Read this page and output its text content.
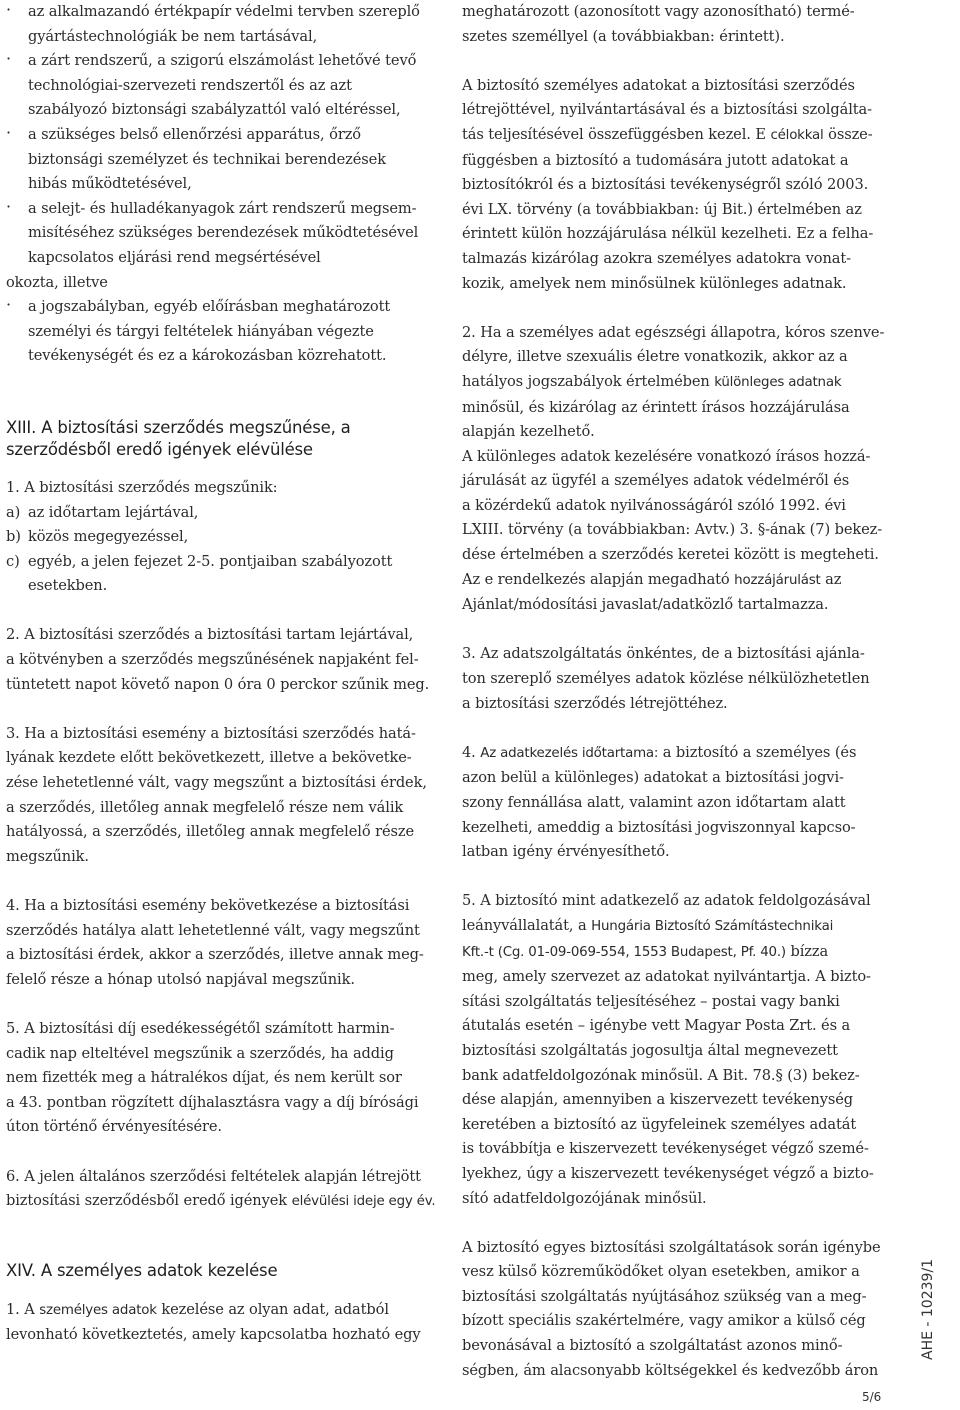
· az alkalmazandó értékpapír védelmi tervben szereplő

gyártástechnológiák be nem tartásával,

· a zárt rendszerű, a szigorú elszámolást lehetővé tevő

technológiai-szervezeti rendszertől és az azt

szabályozó biztonsági szabályzattól való eltéréssel,

· a szükséges belső ellenőrzési apparátus, őrző

biztonsági személyzet és technikai berendezések

hibás működtetésével,

· a selejt- és hulladékanyagok zárt rendszerű megsem-

misítéséhez szükséges berendezések működtetésével

kapcsolatos eljárási rend megsértésével

okozta, illetve

· a jogszabályban, egyéb előírásban meghatározott

személyi és tárgyi feltételek hiányában végezte

tevékenységét és ez a károkozásban közrehatott.

XIII. A biztosítási szerződés megszűnése, a
szerződésből eredő igények elévülése

1. A biztosítási szerződés megszűnik:

a) az időtartam lejártával,

b) közös megegyezéssel,

c) egyéb, a jelen fejezet 2-5. pontjaiban szabályozott

esetekben.

2. A biztosítási szerződés a biztosítási tartam lejártával,

a kötvényben a szerződés megszűnésének napjaként fel-

tüntetett napot követő napon 0 óra 0 perckor szűnik meg.

3. Ha a biztosítási esemény a biztosítási szerződés hatá-

lyának kezdete előtt bekövetkezett, illetve a bekövetke-

zése lehetetlenné vált, vagy megszűnt a biztosítási érdek,

a szerződés, illetőleg annak megfelelő része nem válik

hatályossá, a szerződés, illetőleg annak megfelelő része

megszűnik.

4. Ha a biztosítási esemény bekövetkezése a biztosítási

szerződés hatálya alatt lehetetlenné vált, vagy megszűnt

a biztosítási érdek, akkor a szerződés, illetve annak meg-

felelő része a hónap utolsó napjával megszűnik.

5. A biztosítási díj esedékességétől számított harmin-

cadik nap elteltével megszűnik a szerződés, ha addig

nem fizették meg a hátralékos díjat, és nem került sor

a 43. pontban rögzített díjhalasztásra vagy a díj bírósági

úton történő érvényesítésére.

6. A jelen általános szerződési feltételek alapján létrejött

biztosítási szerződésből eredő igények elévülési ideje egy év.

XIV. A személyes adatok kezelése

1. A személyes adatok kezelése az olyan adat, adatból

levonható következtetés, amely kapcsolatba hozható egy

meghatározott (azonosított vagy azonosítható) termé-

szetes személlyel (a továbbiakban: érintett).

A biztosító személyes adatokat a biztosítási szerződés

létrejöttével, nyilvántartásával és a biztosítási szolgálta-

tás teljesítésével összefüggésben kezel. E célokkal össze-

függésben a biztosító a tudomására jutott adatokat a

biztosítókról és a biztosítási tevékenységről szóló 2003.

évi LX. törvény (a továbbiakban: új Bit.) értelmében az

érintett külön hozzájárulása nélkül kezelheti. Ez a felha-

talmazás kizárólag azokra személyes adatokra vonat-

kozik, amelyek nem minősülnek különleges adatnak.

2. Ha a személyes adat egészségi állapotra, kóros szenve-

délyre, illetve szexuális életre vonatkozik, akkor az a

hatályos jogszabályok értelmében különleges adatnak

minősül, és kizárólag az érintett írásos hozzájárulása

alapján kezelhető.

A különleges adatok kezelésére vonatkozó írásos hozzá-

járulását az ügyfél a személyes adatok védelméről és

a közérdekű adatok nyilvánosságáról szóló 1992. évi

LXIII. törvény (a továbbiakban: Avtv.) 3. §-ának (7) bekez-

dése értelmében a szerződés keretei között is megteheti.

Az e rendelkezés alapján megadható hozzájárulást az

Ajánlat/módosítási javaslat/adatközlő tartalmazza.

3. Az adatszolgáltatás önkéntes, de a biztosítási ajánla-

ton szereplő személyes adatok közlése nélkülözhetetlen

a biztosítási szerződés létrejöttéhez.

4. Az adatkezelés időtartama: a biztosító a személyes (és

azon belül a különleges) adatokat a biztosítási jogvi-

szony fennállása alatt, valamint azon időtartam alatt

kezelheti, ameddig a biztosítási jogviszonnyal kapcso-

latban igény érvényesíthető.

5. A biztosító mint adatkezelő az adatok feldolgozásával

leányvállalatát, a Hungária Biztosító Számítástechnikai

Kft.-t (Cg. 01-09-069-554, 1553 Budapest, Pf. 40.) bízza

meg, amely szervezet az adatokat nyilvántartja. A bizto-

sítási szolgáltatás teljesítéséhez – postai vagy banki

átutalás esetén – igénybe vett Magyar Posta Zrt. és a

biztosítási szolgáltatás jogosultja által megnevezett

bank adatfeldolgozónak minősül. A Bit. 78.§ (3) bekez-

dése alapján, amennyiben a kiszervezett tevékenység

keretében a biztosító az ügyfeleinek személyes adatát

is továbbítja e kiszervezett tevékenységet végző szemé-

lyekhez, úgy a kiszervezett tevékenységet végző a bizto-

sító adatfeldolgozójának minősül.

A biztosító egyes biztosítási szolgáltatások során igénybe

vesz külső közreműködőket olyan esetekben, amikor a

biztosítási szolgáltatás nyújtásához szükség van a meg-

bízott speciális szakértelmére, vagy amikor a külső cég

bevonásával a biztosító a szolgáltatást azonos minő-

ségben, ám alacsonyabb költségekkel és kedvezőbb áron

AHE - 10239/1
5/6
